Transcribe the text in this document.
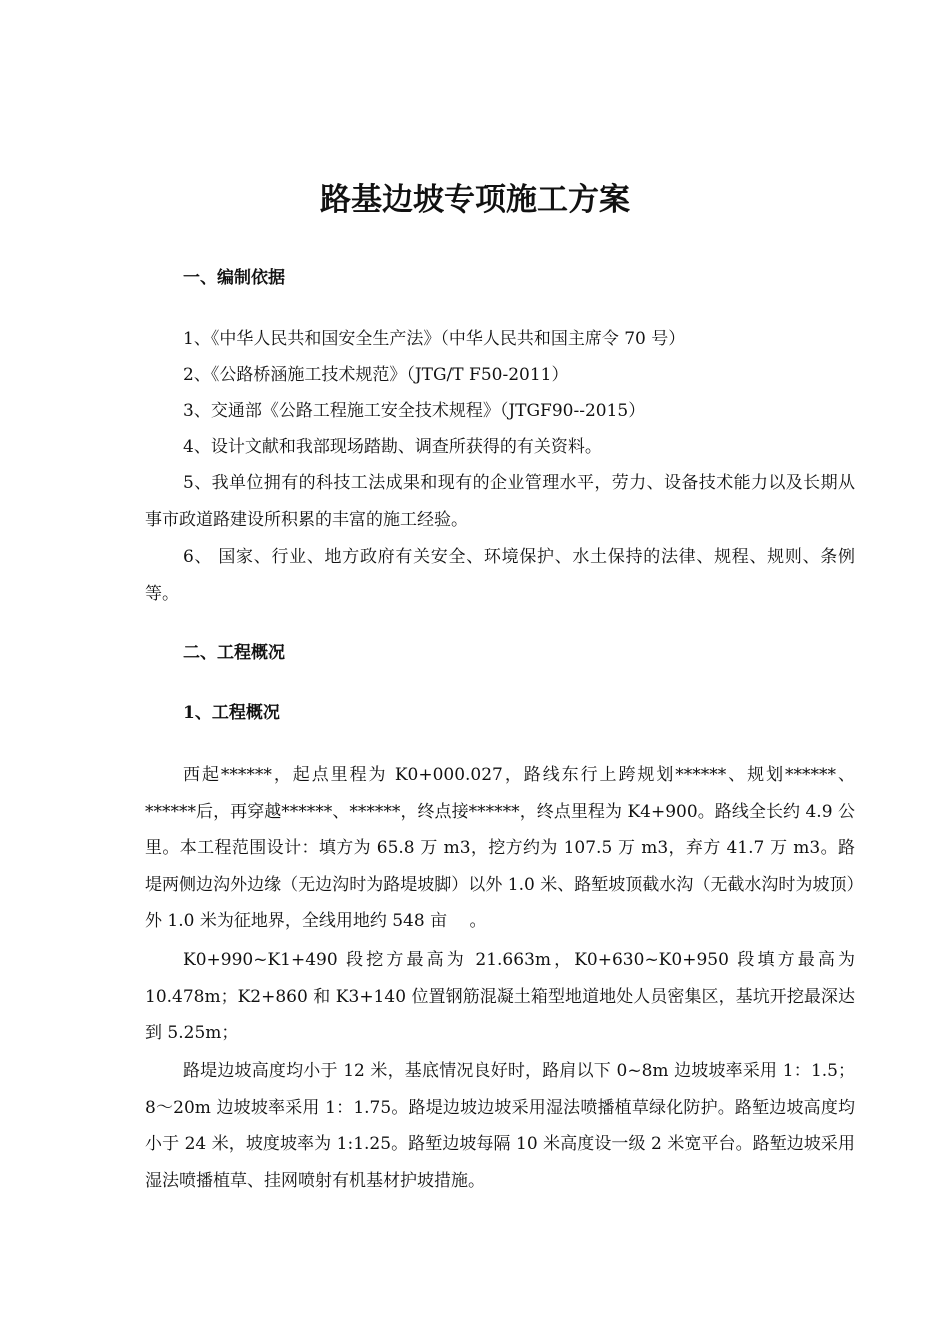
路基边坡专项施工方案
一、编制依据
1、《中华人民共和国安全生产法》（中华人民共和国主席令 70 号）
2、《公路桥涵施工技术规范》（JTG/T F50-2011）
3、交通部《公路工程施工安全技术规程》（JTGF90--2015）
4、设计文献和我部现场踏勘、调查所获得的有关资料。
5、我单位拥有的科技工法成果和现有的企业管理水平，劳力、设备技术能力以及长期从事市政道路建设所积累的丰富的施工经验。
6、 国家、行业、地方政府有关安全、环境保护、水土保持的法律、规程、规则、条例等。
二、工程概况
1、工程概况
西起******，起点里程为 K0+000.027，路线东行上跨规划******、规划******、******后，再穿越******、******，终点接******，终点里程为 K4+900。路线全长约 4.9 公里。本工程范围设计：填方为 65.8 万 m3，挖方约为 107.5 万 m3，弃方 41.7 万 m3。路堤两侧边沟外边缘（无边沟时为路堤坡脚）以外 1.0 米、路堑坡顶截水沟（无截水沟时为坡顶）外 1.0 米为征地界，全线用地约 548 亩　 。
K0+990~K1+490 段挖方最高为 21.663m，K0+630~K0+950 段填方最高为 10.478m；K2+860 和 K3+140 位置钢筋混凝土箱型地道地处人员密集区，基坑开挖最深达到 5.25m；
路堤边坡高度均小于 12 米，基底情况良好时，路肩以下 0~8m 边坡坡率采用 1：1.5；8～20m 边坡坡率采用 1：1.75。路堤边坡边坡采用湿法喷播植草绿化防护。路堑边坡高度均小于 24 米，坡度坡率为 1:1.25。路堑边坡每隔 10 米高度设一级 2 米宽平台。路堑边坡采用湿法喷播植草、挂网喷射有机基材护坡措施。
